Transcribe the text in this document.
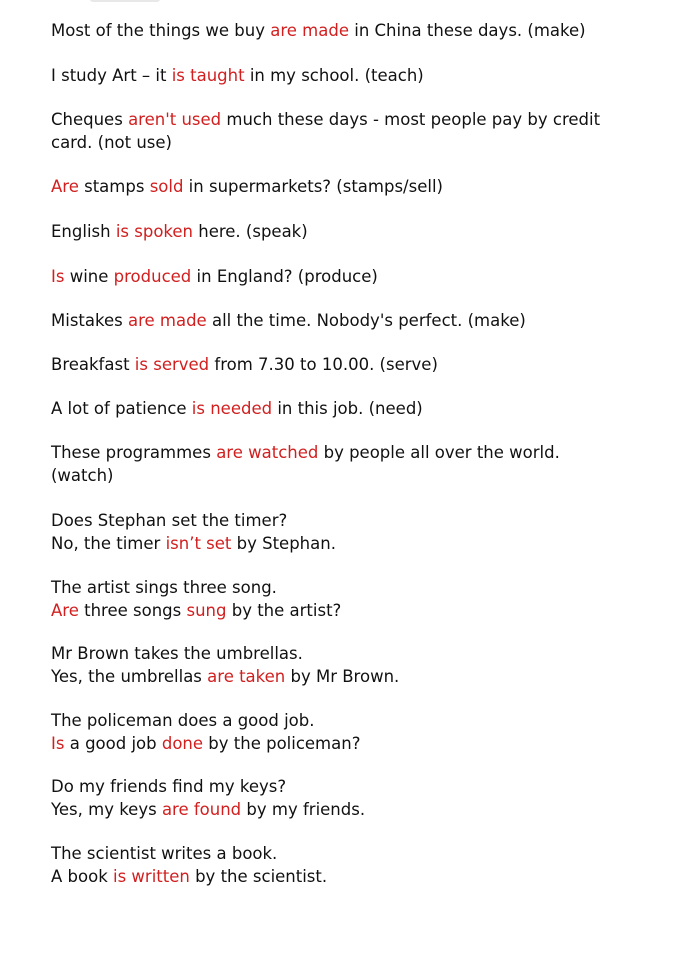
Most of the things we buy are made in China these days. (make)
I study Art – it is taught in my school. (teach)
Cheques aren't used much these days - most people pay by credit
card. (not use)
Are stamps sold in supermarkets? (stamps/sell)
English is spoken here. (speak)
Is wine produced in England? (produce)
Mistakes are made all the time. Nobody's perfect. (make)
Breakfast is served from 7.30 to 10.00. (serve)
A lot of patience is needed in this job. (need)
These programmes are watched by people all over the world.
(watch)
Does Stephan set the timer?
No, the timer isn’t set by Stephan.
The artist sings three song.
Are three songs sung by the artist?
Mr Brown takes the umbrellas.
Yes, the umbrellas are taken by Mr Brown.
The policeman does a good job.
Is a good job done by the policeman?
Do my friends find my keys?
Yes, my keys are found by my friends.
The scientist writes a book.
A book is written by the scientist.
